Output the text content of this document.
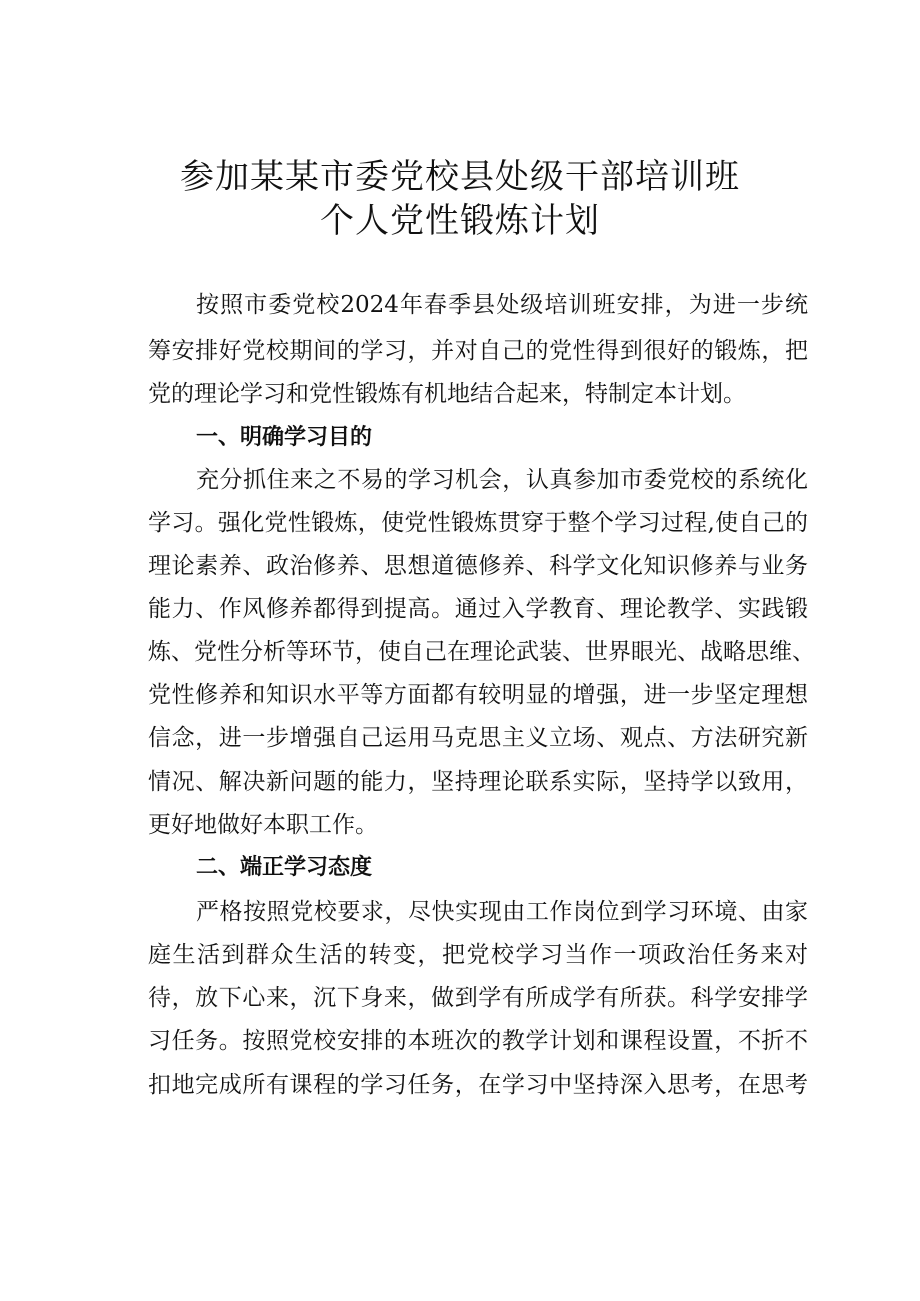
参加某某市委党校县处级干部培训班
个人党性锻炼计划
按照市委党校2024年春季县处级培训班安排，为进一步统
筹安排好党校期间的学习，并对自己的党性得到很好的锻炼，把
党的理论学习和党性锻炼有机地结合起来，特制定本计划。
一、明确学习目的
充分抓住来之不易的学习机会，认真参加市委党校的系统化
学习。强化党性锻炼，使党性锻炼贯穿于整个学习过程,使自己的
理论素养、政治修养、思想道德修养、科学文化知识修养与业务
能力、作风修养都得到提高。通过入学教育、理论教学、实践锻
炼、党性分析等环节，使自己在理论武装、世界眼光、战略思维、
党性修养和知识水平等方面都有较明显的增强，进一步坚定理想
信念，进一步增强自己运用马克思主义立场、观点、方法研究新
情况、解决新问题的能力，坚持理论联系实际，坚持学以致用，
更好地做好本职工作。
二、端正学习态度
严格按照党校要求，尽快实现由工作岗位到学习环境、由家
庭生活到群众生活的转变，把党校学习当作一项政治任务来对
待，放下心来，沉下身来，做到学有所成学有所获。科学安排学
习任务。按照党校安排的本班次的教学计划和课程设置，不折不
扣地完成所有课程的学习任务，在学习中坚持深入思考，在思考
